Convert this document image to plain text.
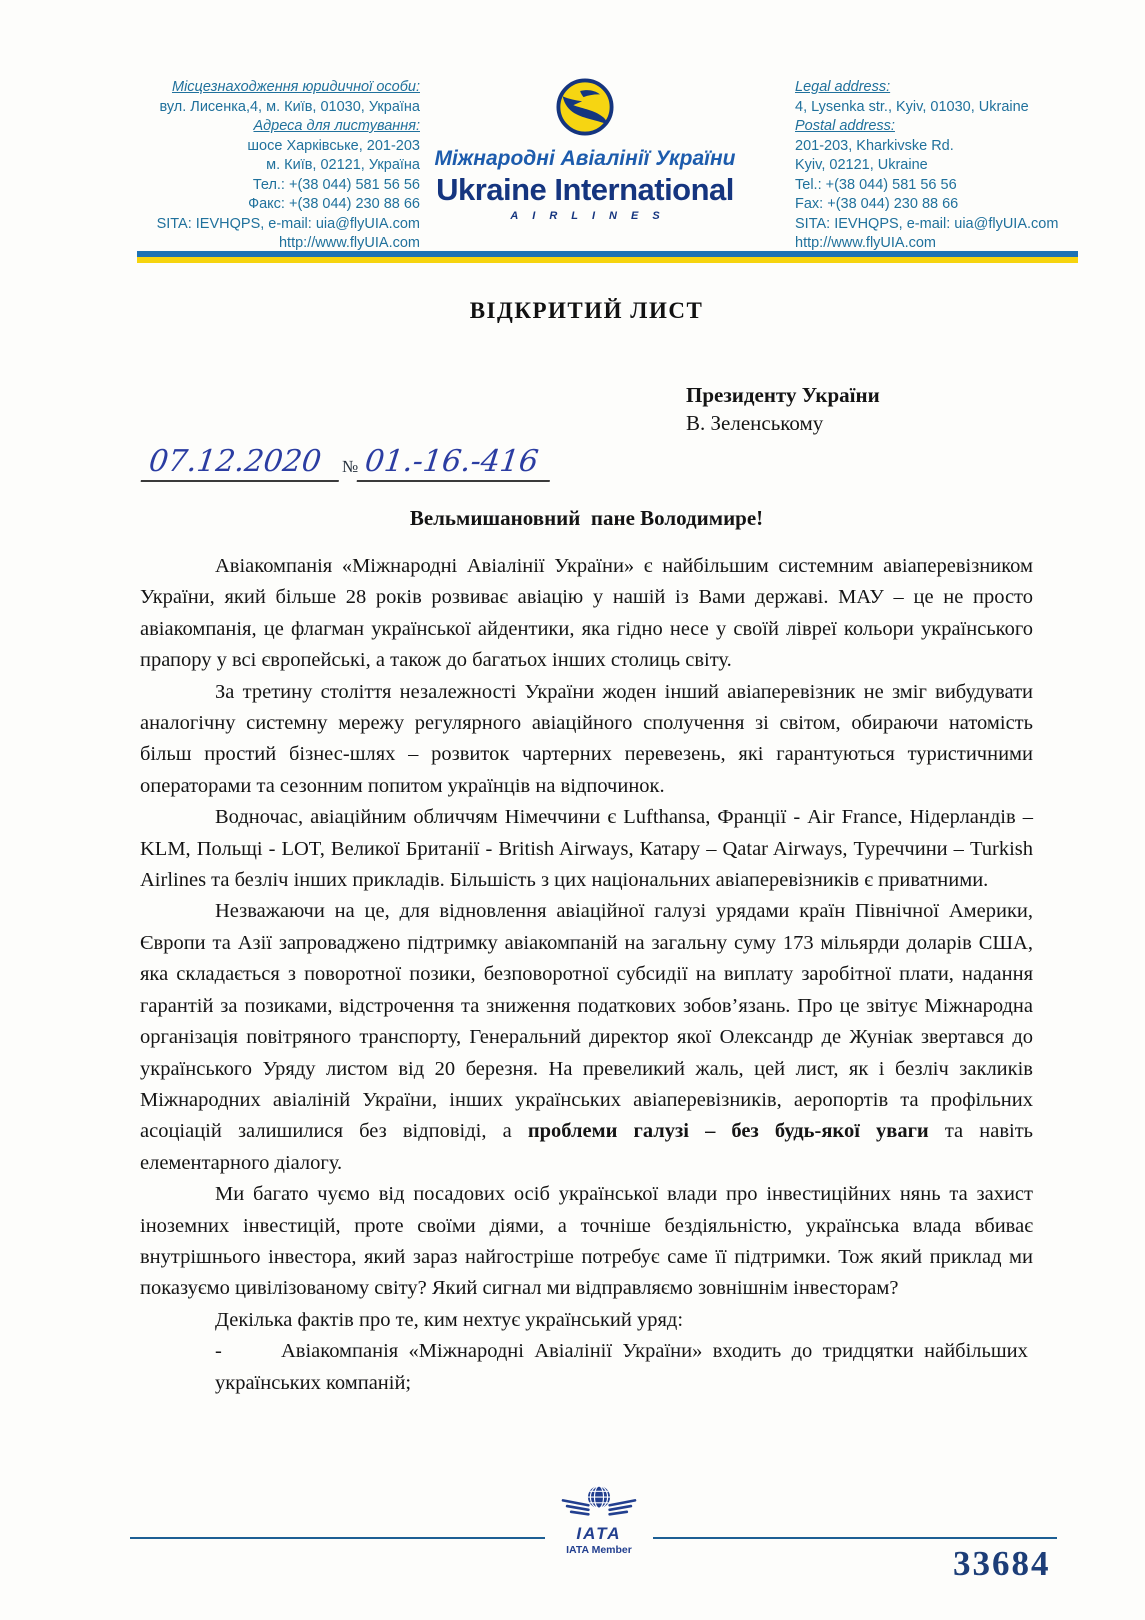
Місцезнаходження юридичної особи:
вул. Лисенка,4, м. Київ, 01030, Україна
Адреса для листування:
шосе Харківське, 201-203
м. Київ, 02121, Україна
Тел.: +(38 044) 581 56 56
Факс: +(38 044) 230 88 66
SITA: IEVHQPS, e-mail: uia@flyUIA.com
http://www.flyUIA.com
Міжнародні Авіалінії України
Ukraine International
AIRLINES
Legal address:
4, Lysenka str., Kyiv, 01030, Ukraine
Postal address:
201-203, Kharkivske Rd.
Kyiv, 02121, Ukraine
Tel.: +(38 044) 581 56 56
Fax: +(38 044) 230 88 66
SITA: IEVHQPS, e-mail: uia@flyUIA.com
http://www.flyUIA.com
ВІДКРИТИЙ ЛИСТ
Президенту України
В. Зеленському
07.12.2020 № 01.-16.-416
Вельмишановний  пане Володимире!

Авіакомпанія «Міжнародні Авіалінії України» є найбільшим системним авіаперевізником України, який більше 28 років розвиває авіацію у нашій із Вами державі. МАУ – це не просто авіакомпанія, це флагман української айдентики, яка гідно несе у своїй лівреї кольори українського прапору у всі європейські, а також до багатьох інших столиць світу.

За третину століття незалежності України жоден інший авіаперевізник не зміг вибудувати аналогічну системну мережу регулярного авіаційного сполучення зі світом, обираючи натомість більш простий бізнес-шлях – розвиток чартерних перевезень, які гарантуються туристичними операторами та сезонним попитом українців на відпочинок.

Водночас, авіаційним обличчям Німеччини є Lufthansa, Франції - Air France, Нідерландів – KLM, Польщі - LOT, Великої Британії - British Airways, Катару – Qatar Airways, Туреччини – Turkish Airlines та безліч інших прикладів. Більшість з цих національних авіаперевізників є приватними.

Незважаючи на це, для відновлення авіаційної галузі урядами країн Північної Америки, Європи та Азії запроваджено підтримку авіакомпаній на загальну суму 173 мільярди доларів США, яка складається з поворотної позики, безповоротної субсидії на виплату заробітної плати, надання гарантій за позиками, відстрочення та зниження податкових зобов’язань. Про це звітує Міжнародна організація повітряного транспорту, Генеральний директор якої Олександр де Жуніак звертався до українського Уряду листом від 20 березня. На превеликий жаль, цей лист, як і безліч закликів Міжнародних авіаліній України, інших українських авіаперевізників, аеропортів та профільних асоціацій залишилися без відповіді, а проблеми галузі – без будь-якої уваги та навіть елементарного діалогу.

Ми багато чуємо від посадових осіб української влади про інвестиційних нянь та захист іноземних інвестицій, проте своїми діями, а точніше бездіяльністю, українська влада вбиває внутрішнього інвестора, який зараз найгостріше потребує саме її підтримки. Тож який приклад ми показуємо цивілізованому світу? Який сигнал ми відправляємо зовнішнім інвесторам?

Декілька фактів про те, ким нехтує український уряд:

-	Авіакомпанія «Міжнародні Авіалінії України» входить до тридцятки найбільших  українських компаній;

IATA
IATA Member	33684
